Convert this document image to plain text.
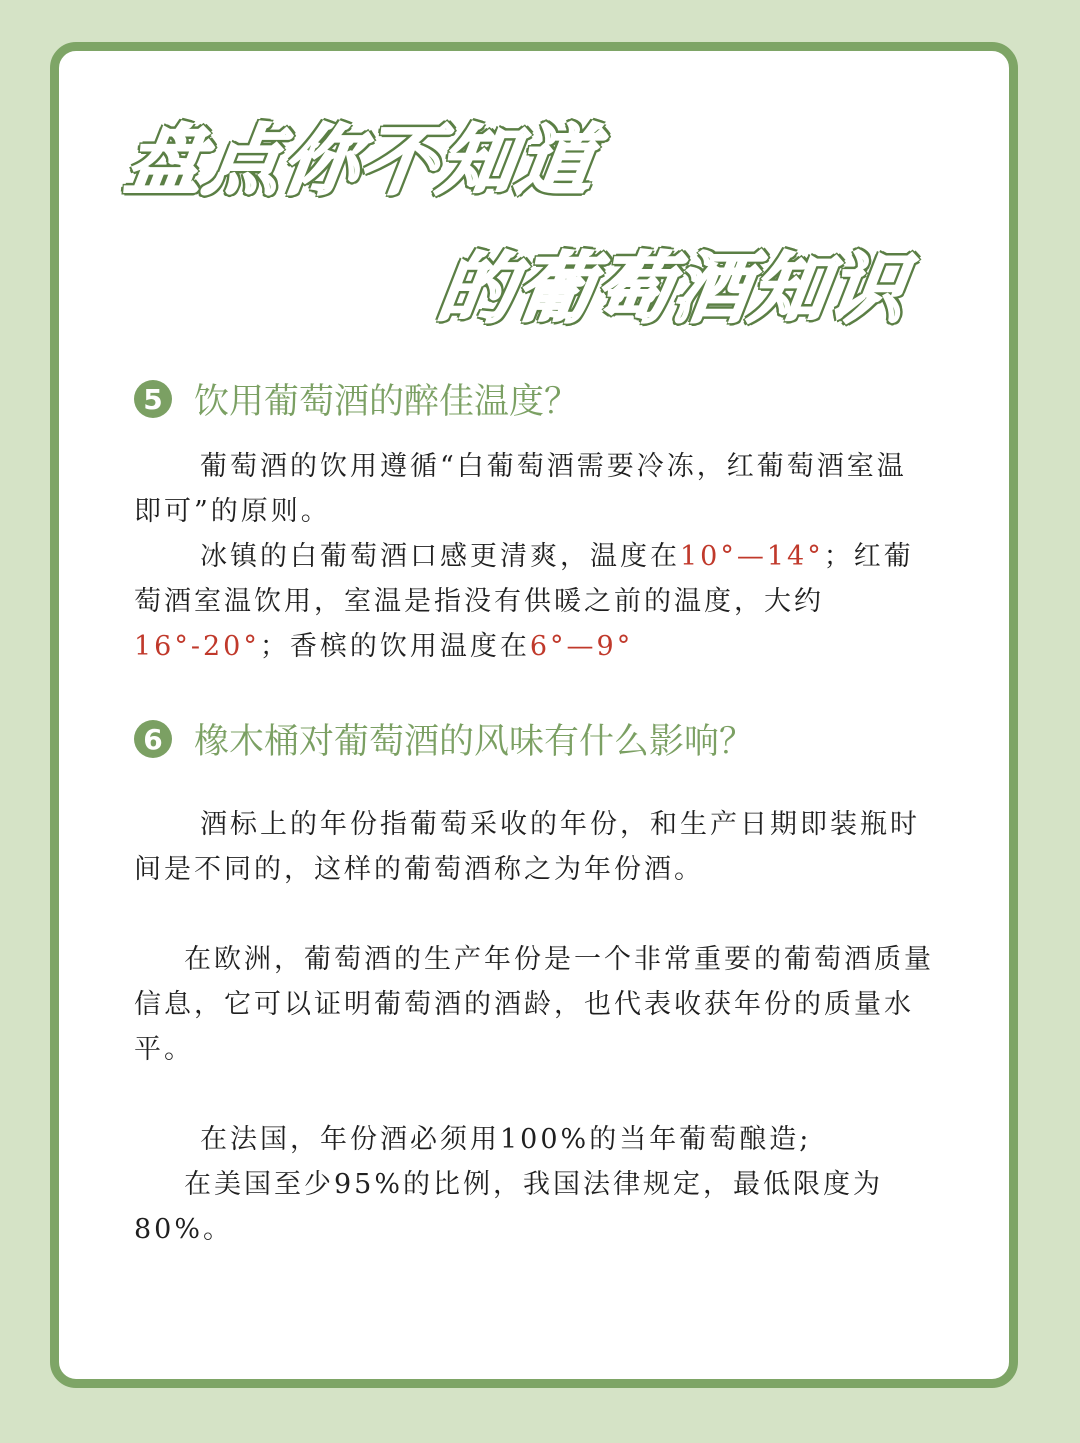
盘点你不知道
的葡萄酒知识
5 饮用葡萄酒的醉佳温度？

葡萄酒的饮用遵循“白葡萄酒需要冷冻，红葡萄酒室温即可”的原则。

冰镇的白葡萄酒口感更清爽，温度在10°—14°；红葡萄酒室温饮用，室温是指没有供暖之前的温度，大约16°-20°；香槟的饮用温度在6°—9°

6 橡木桶对葡萄酒的风味有什么影响？

酒标上的年份指葡萄采收的年份，和生产日期即装瓶时间是不同的，这样的葡萄酒称之为年份酒。

在欧洲，葡萄酒的生产年份是一个非常重要的葡萄酒质量信息，它可以证明葡萄酒的酒龄，也代表收获年份的质量水平。

在法国，年份酒必须用100%的当年葡萄酿造;

在美国至少95%的比例，我国法律规定，最低限度为80%。
